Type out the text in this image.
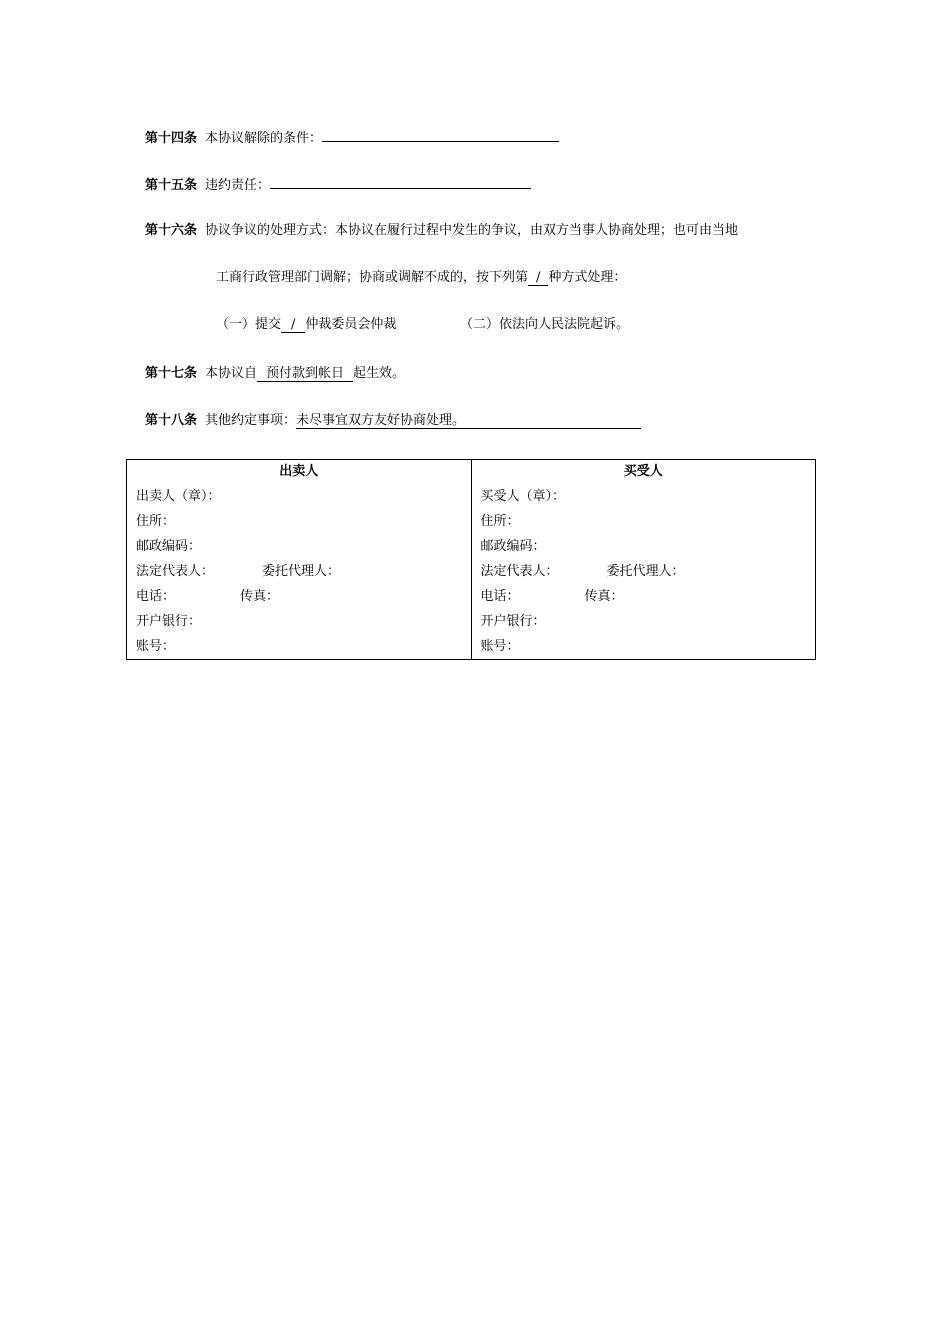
第十四条 本协议解除的条件：
第十五条 违约责任：
第十六条 协议争议的处理方式：本协议在履行过程中发生的争议，由双方当事人协商处理；也可由当地
工商行政管理部门调解；协商或调解不成的，按下列第 / 种方式处理：
（一）提交 / 仲裁委员会仲裁	（二）依法向人民法院起诉。
第十七条 本协议自 预付款到帐日 起生效。
第十八条 其他约定事项：未尽事宜双方友好协商处理。
出卖人
出卖人（章）：
住所：
邮政编码：
法定代表人：	委托代理人：
电话：	传真：
开户银行：
账号：

买受人
买受人（章）：
住所：
邮政编码：
法定代表人：	委托代理人：
电话：	传真：
开户银行：
账号：
